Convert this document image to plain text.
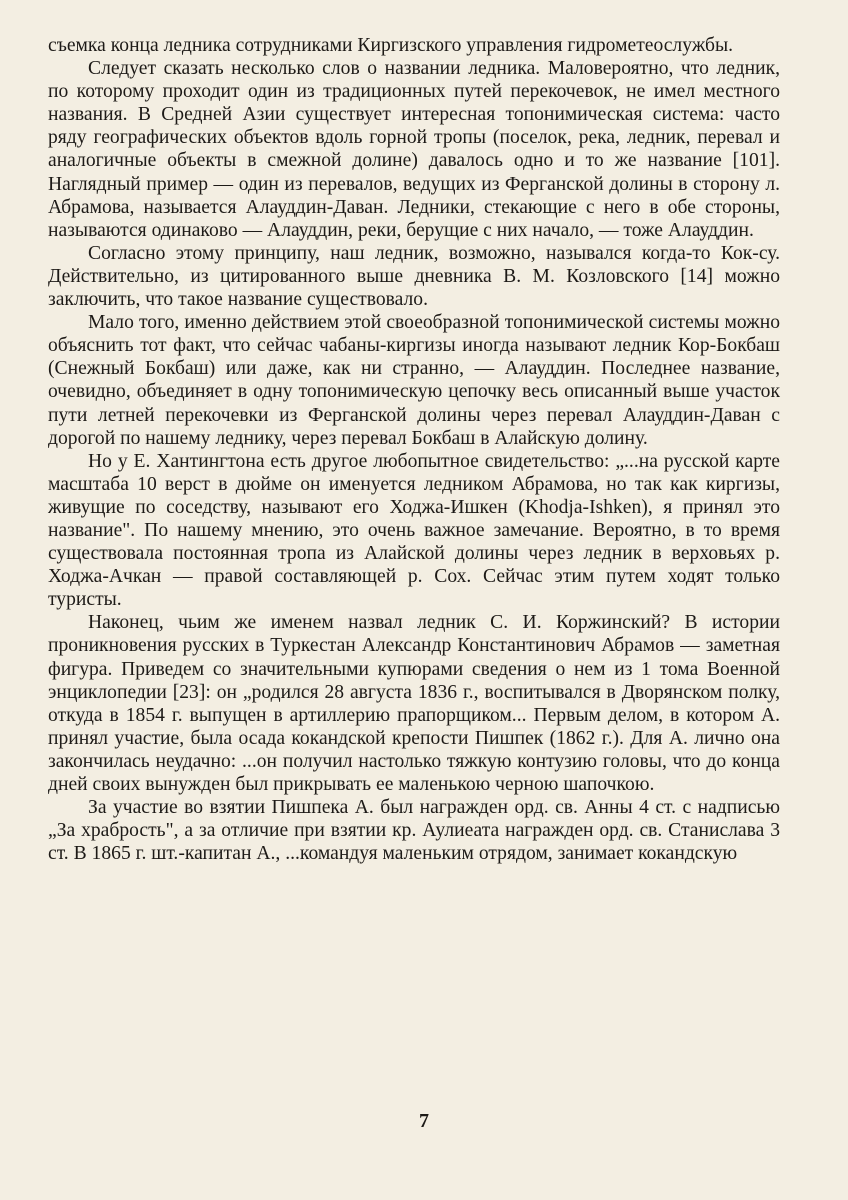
съемка конца ледника сотрудниками Киргизского управления гидрометеослужбы.

Следует сказать несколько слов о названии ледника. Маловероятно, что ледник, по которому проходит один из традиционных путей перекочевок, не имел местного названия. В Средней Азии существует интересная топонимическая система: часто ряду географических объектов вдоль горной тропы (поселок, река, ледник, перевал и аналогичные объекты в смежной долине) давалось одно и то же название [101]. Наглядный пример — один из перевалов, ведущих из Ферганской долины в сторону л. Абрамова, называется Алауддин-Даван. Ледники, стекающие с него в обе стороны, называются одинаково — Алауддин, реки, берущие с них начало, — тоже Алауддин.

Согласно этому принципу, наш ледник, возможно, назывался когда-то Кок-су. Действительно, из цитированного выше дневника В. М. Козловского [14] можно заключить, что такое название существовало.

Мало того, именно действием этой своеобразной топонимической системы можно объяснить тот факт, что сейчас чабаны-киргизы иногда называют ледник Кор-Бокбаш (Снежный Бокбаш) или даже, как ни странно, — Алауддин. Последнее название, очевидно, объединяет в одну топонимическую цепочку весь описанный выше участок пути летней перекочевки из Ферганской долины через перевал Алауддин-Даван с дорогой по нашему леднику, через перевал Бокбаш в Алайскую долину.

Но у Е. Хантингтона есть другое любопытное свидетельство: „...на русской карте масштаба 10 верст в дюйме он именуется ледником Абрамова, но так как киргизы, живущие по соседству, называют его Ходжа-Ишкен (Khodja-Ishken), я принял это название". По нашему мнению, это очень важное замечание. Вероятно, в то время существовала постоянная тропа из Алайской долины через ледник в верховьях р. Ходжа-Ачкан — правой составляющей р. Сох. Сейчас этим путем ходят только туристы.

Наконец, чьим же именем назвал ледник С. И. Коржинский? В истории проникновения русских в Туркестан Александр Константинович Абрамов — заметная фигура. Приведем со значительными купюрами сведения о нем из 1 тома Военной энциклопедии [23]: он „родился 28 августа 1836 г., воспитывался в Дворянском полку, откуда в 1854 г. выпущен в артиллерию прапорщиком... Первым делом, в котором А. принял участие, была осада кокандской крепости Пишпек (1862 г.). Для А. лично она закончилась неудачно: ...он получил настолько тяжкую контузию головы, что до конца дней своих вынужден был прикрывать ее маленькою черною шапочкою.

За участие во взятии Пишпека А. был награжден орд. св. Анны 4 ст. с надписью „За храбрость", а за отличие при взятии кр. Аулиеата награжден орд. св. Станислава 3 ст. В 1865 г. шт.-капитан А., ...командуя маленьким отрядом, занимает кокандскую

7
